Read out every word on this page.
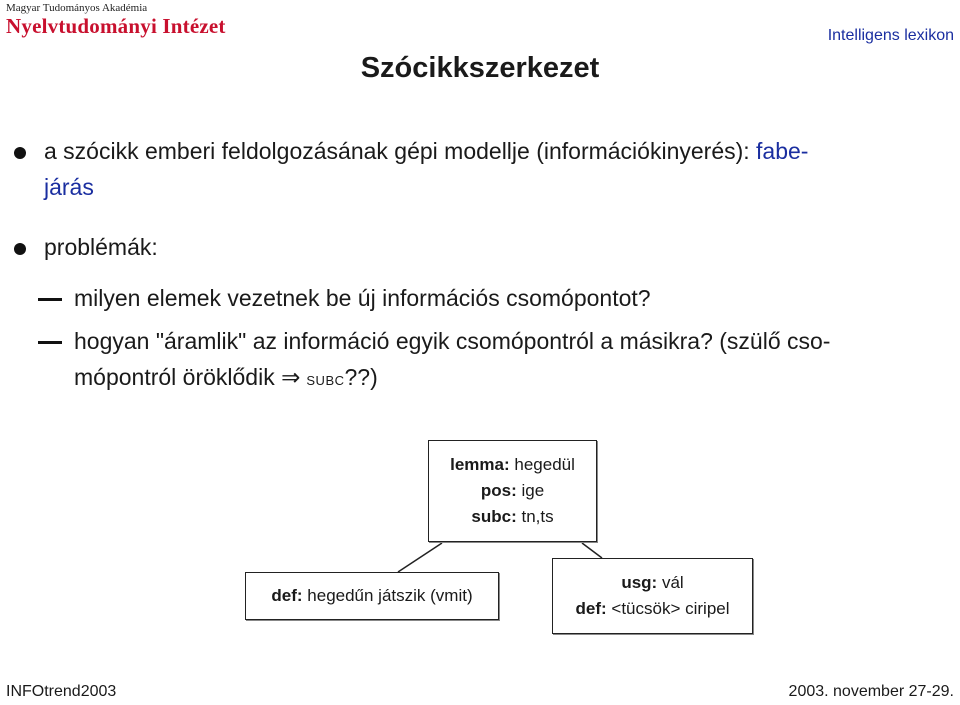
Magyar Tudományos Akadémia
Nyelvtudományi Intézet	Intelligens lexikon
Szócikkszerkezet
a szócikk emberi feldolgozásának gépi modellje (információkinyerés): fabe-
járás
problémák:
milyen elemek vezetnek be új információs csomópontot?
hogyan "áramlik" az információ egyik csomópontról a másikra? (szülő cso-
mópontról öröklődik ⇒ subc??)
lemma: hegedül
pos: ige
subc: tn,ts
def: hegedűn játszik (vmit)
usg: vál
def: <tücsök> ciripel
INFOtrend2003	2003. november 27-29.
